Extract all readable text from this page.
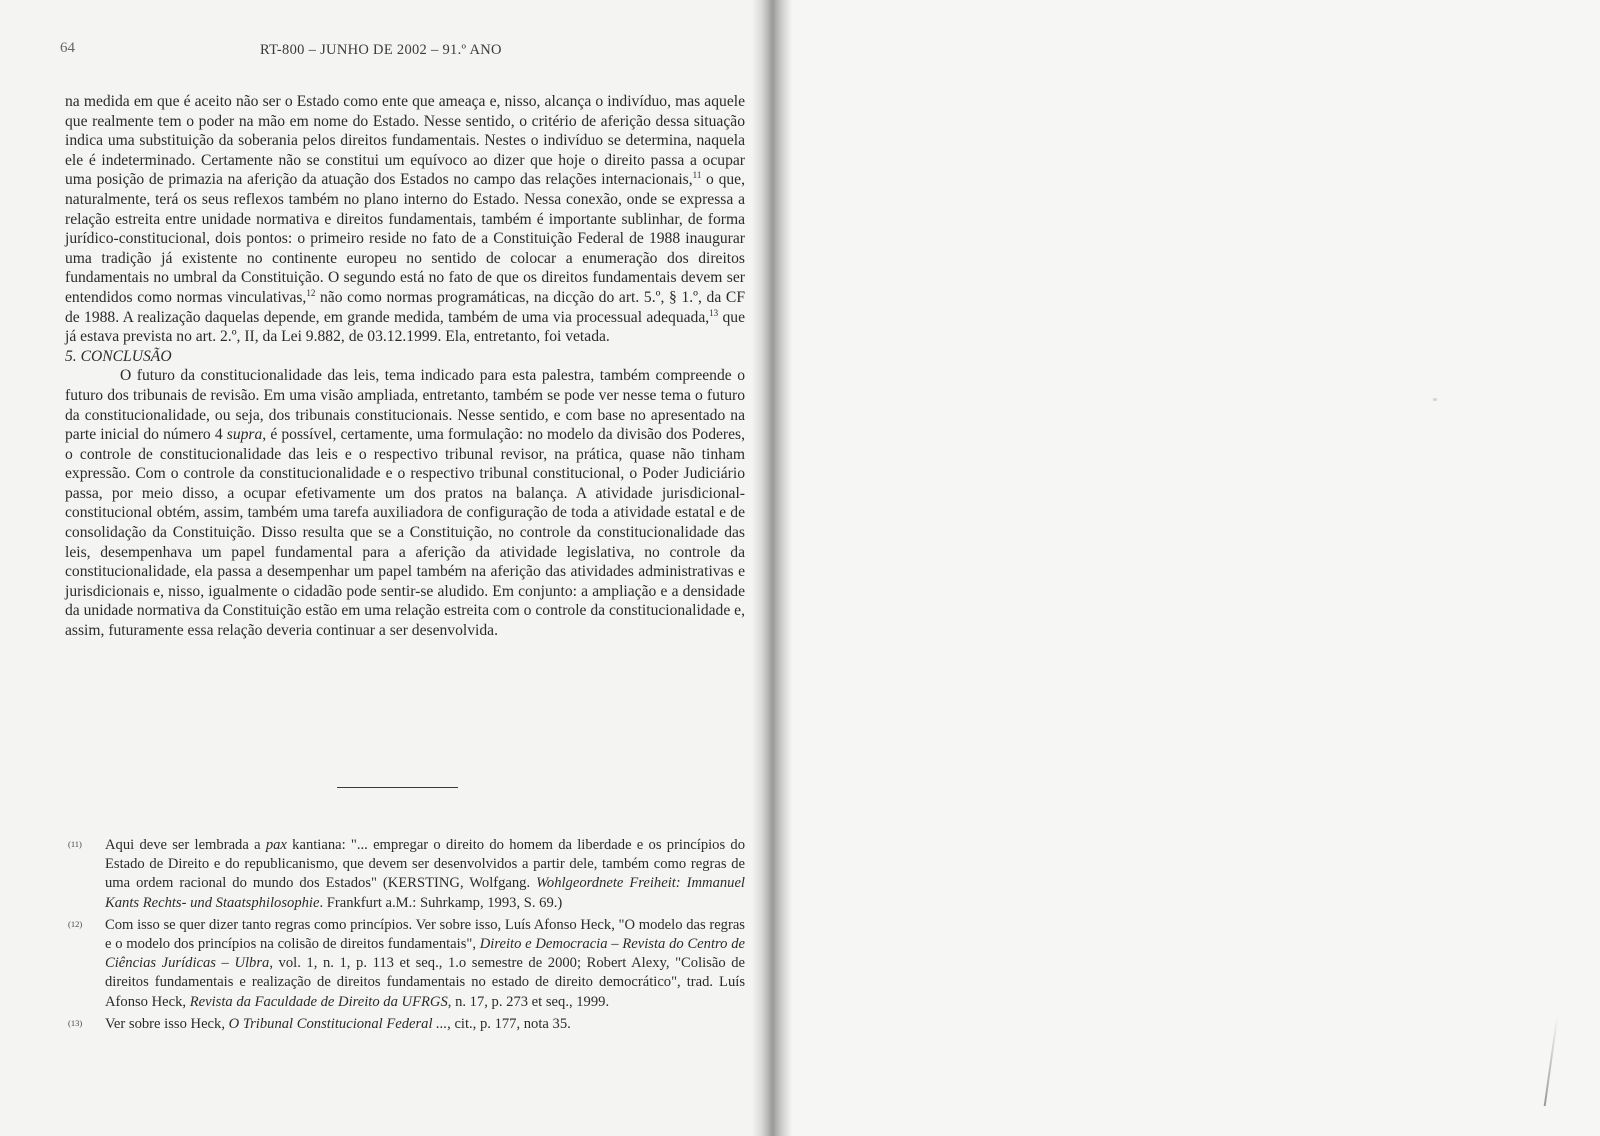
64	RT-800 – JUNHO DE 2002 – 91.º ANO

na medida em que é aceito não ser o Estado como ente que ameaça e, nisso, alcança o indivíduo, mas aquele que realmente tem o poder na mão em nome do Estado. Nesse sentido, o critério de aferição dessa situação indica uma substituição da soberania pelos direitos fundamentais. Nestes o indivíduo se determina, naquela ele é indeterminado. Certamente não se constitui um equívoco ao dizer que hoje o direito passa a ocupar uma posição de primazia na aferição da atuação dos Estados no campo das relações internacionais,$^{11}$ o que, naturalmente, terá os seus reflexos também no plano interno do Estado. Nessa conexão, onde se expressa a relação estreita entre unidade normativa e direitos fundamentais, também é importante sublinhar, de forma jurídico-constitucional, dois pontos: o primeiro reside no fato de a Constituição Federal de 1988 inaugurar uma tradição já existente no continente europeu no sentido de colocar a enumeração dos direitos fundamentais no umbral da Constituição. O segundo está no fato de que os direitos fundamentais devem ser entendidos como normas vinculativas,$^{12}$ não como normas programáticas, na dicção do art. 5.º, § 1.º, da CF de 1988. A realização daquelas depende, em grande medida, também de uma via processual adequada,$^{13}$ que já estava prevista no art. 2.º, II, da Lei 9.882, de 03.12.1999. Ela, entretanto, foi vetada.

5. CONCLUSÃO

O futuro da constitucionalidade das leis, tema indicado para esta palestra, também compreende o futuro dos tribunais de revisão. Em uma visão ampliada, entretanto, também se pode ver nesse tema o futuro da constitucionalidade, ou seja, dos tribunais constitucionais. Nesse sentido, e com base no apresentado na parte inicial do número 4 supra, é possível, certamente, uma formulação: no modelo da divisão dos Poderes, o controle de constitucionalidade das leis e o respectivo tribunal revisor, na prática, quase não tinham expressão. Com o controle da constitucionalidade e o respectivo tribunal constitucional, o Poder Judiciário passa, por meio disso, a ocupar efetivamente um dos pratos na balança. A atividade jurisdicional-constitucional obtém, assim, também uma tarefa auxiliadora de configuração de toda a atividade estatal e de consolidação da Constituição. Disso resulta que se a Constituição, no controle da constitucionalidade das leis, desempenhava um papel fundamental para a aferição da atividade legislativa, no controle da constitucionalidade, ela passa a desempenhar um papel também na aferição das atividades administrativas e jurisdicionais e, nisso, igualmente o cidadão pode sentir-se aludido. Em conjunto: a ampliação e a densidade da unidade normativa da Constituição estão em uma relação estreita com o controle da constitucionalidade e, assim, futuramente essa relação deveria continuar a ser desenvolvida.

(11) Aqui deve ser lembrada a pax kantiana: "... empregar o direito do homem da liberdade e os princípios do Estado de Direito e do republicanismo, que devem ser desenvolvidos a partir dele, também como regras de uma ordem racional do mundo dos Estados" (KERSTING, Wolfgang. Wohlgeordnete Freiheit: Immanuel Kants Rechts- und Staatsphilosophie. Frankfurt a.M.: Suhrkamp, 1993, S. 69.)
(12) Com isso se quer dizer tanto regras como princípios. Ver sobre isso, Luís Afonso Heck, "O modelo das regras e o modelo dos princípios na colisão de direitos fundamentais", Direito e Democracia – Revista do Centro de Ciências Jurídicas – Ulbra, vol. 1, n. 1, p. 113 et seq., 1.o semestre de 2000; Robert Alexy, "Colisão de direitos fundamentais e realização de direitos fundamentais no estado de direito democrático", trad. Luís Afonso Heck, Revista da Faculdade de Direito da UFRGS, n. 17, p. 273 et seq., 1999.
(13) Ver sobre isso Heck, O Tribunal Constitucional Federal ..., cit., p. 177, nota 35.
